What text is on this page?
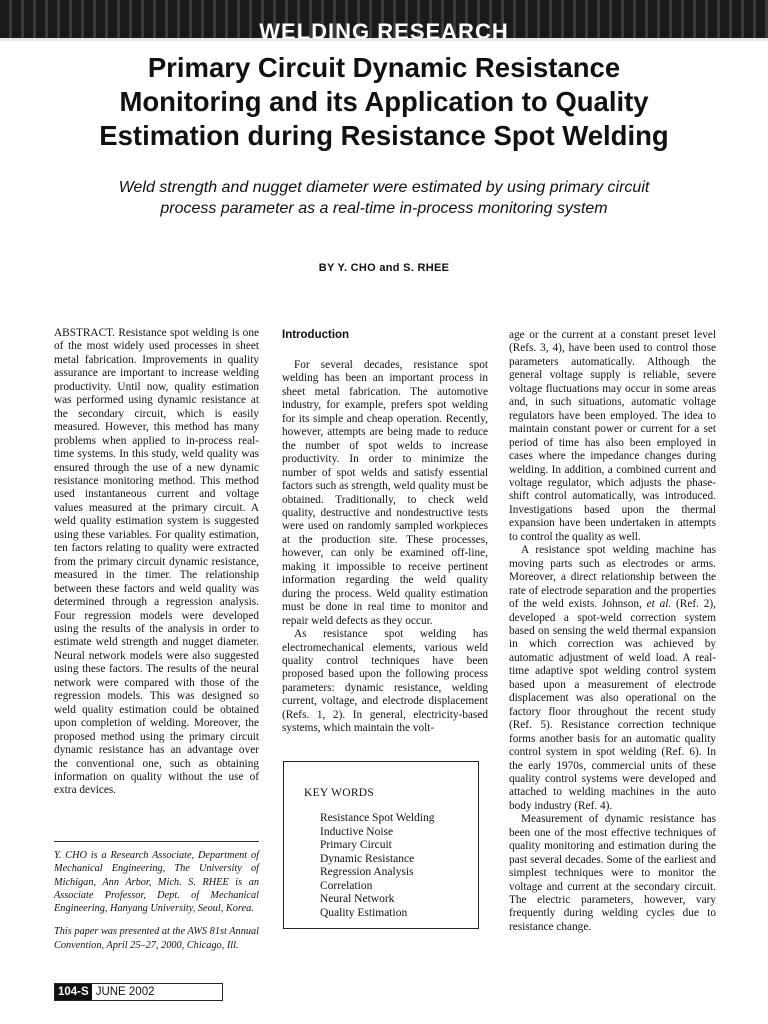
WELDING RESEARCH
Primary Circuit Dynamic Resistance
Monitoring and its Application to Quality
Estimation during Resistance Spot Welding
Weld strength and nugget diameter were estimated by using primary circuit
process parameter as a real-time in-process monitoring system
BY Y. CHO and S. RHEE

ABSTRACT. Resistance spot welding is one of the most widely used processes in sheet metal fabrication. Improvements in quality assurance are important to increase welding productivity. Until now, quality estimation was performed using dynamic resistance at the secondary circuit, which is easily measured. However, this method has many problems when applied to in-process real-time systems. In this study, weld quality was ensured through the use of a new dynamic resistance monitoring method. This method used instantaneous current and voltage values measured at the primary circuit. A weld quality estimation system is suggested using these variables. For quality estimation, ten factors relating to quality were extracted from the primary circuit dynamic resistance, measured in the timer. The relationship between these factors and weld quality was determined through a regression analysis. Four regression models were developed using the results of the analysis in order to estimate weld strength and nugget diameter. Neural network models were also suggested using these factors. The results of the neural network were compared with those of the regression models. This was designed so weld quality estimation could be obtained upon completion of welding. Moreover, the proposed method using the primary circuit dynamic resistance has an advantage over the conventional one, such as obtaining information on quality without the use of extra devices.

Y. CHO is a Research Associate, Department of Mechanical Engineering, The University of Michigan, Ann Arbor, Mich. S. RHEE is an Associate Professor, Dept. of Mechanical Engineering, Hanyang University, Seoul, Korea.

This paper was presented at the AWS 81st Annual Convention, April 25–27, 2000, Chicago, Ill.

Introduction

For several decades, resistance spot welding has been an important process in sheet metal fabrication. The automotive industry, for example, prefers spot welding for its simple and cheap operation. Recently, however, attempts are being made to reduce the number of spot welds to increase productivity. In order to minimize the number of spot welds and satisfy essential factors such as strength, weld quality must be obtained. Traditionally, to check weld quality, destructive and nondestructive tests were used on randomly sampled workpieces at the production site. These processes, however, can only be examined off-line, making it impossible to receive pertinent information regarding the weld quality during the process. Weld quality estimation must be done in real time to monitor and repair weld defects as they occur.

As resistance spot welding has electromechanical elements, various weld quality control techniques have been proposed based upon the following process parameters: dynamic resistance, welding current, voltage, and electrode displacement (Refs. 1, 2). In general, electricity-based systems, which maintain the volt-

KEY WORDS
Resistance Spot Welding
Inductive Noise
Primary Circuit
Dynamic Resistance
Regression Analysis
Correlation
Neural Network
Quality Estimation

age or the current at a constant preset level (Refs. 3, 4), have been used to control those parameters automatically. Although the general voltage supply is reliable, severe voltage fluctuations may occur in some areas and, in such situations, automatic voltage regulators have been employed. The idea to maintain constant power or current for a set period of time has also been employed in cases where the impedance changes during welding. In addition, a combined current and voltage regulator, which adjusts the phase-shift control automatically, was introduced. Investigations based upon the thermal expansion have been undertaken in attempts to control the quality as well.

A resistance spot welding machine has moving parts such as electrodes or arms. Moreover, a direct relationship between the rate of electrode separation and the properties of the weld exists. Johnson, et al. (Ref. 2), developed a spot-weld correction system based on sensing the weld thermal expansion in which correction was achieved by automatic adjustment of weld load. A real-time adaptive spot welding control system based upon a measurement of electrode displacement was also operational on the factory floor throughout the recent study (Ref. 5). Resistance correction technique forms another basis for an automatic quality control system in spot welding (Ref. 6). In the early 1970s, commercial units of these quality control systems were developed and attached to welding machines in the auto body industry (Ref. 4).

Measurement of dynamic resistance has been one of the most effective techniques of quality monitoring and estimation during the past several decades. Some of the earliest and simplest techniques were to monitor the voltage and current at the secondary circuit. The electric parameters, however, vary frequently during welding cycles due to resistance change.

104-S JUNE 2002
